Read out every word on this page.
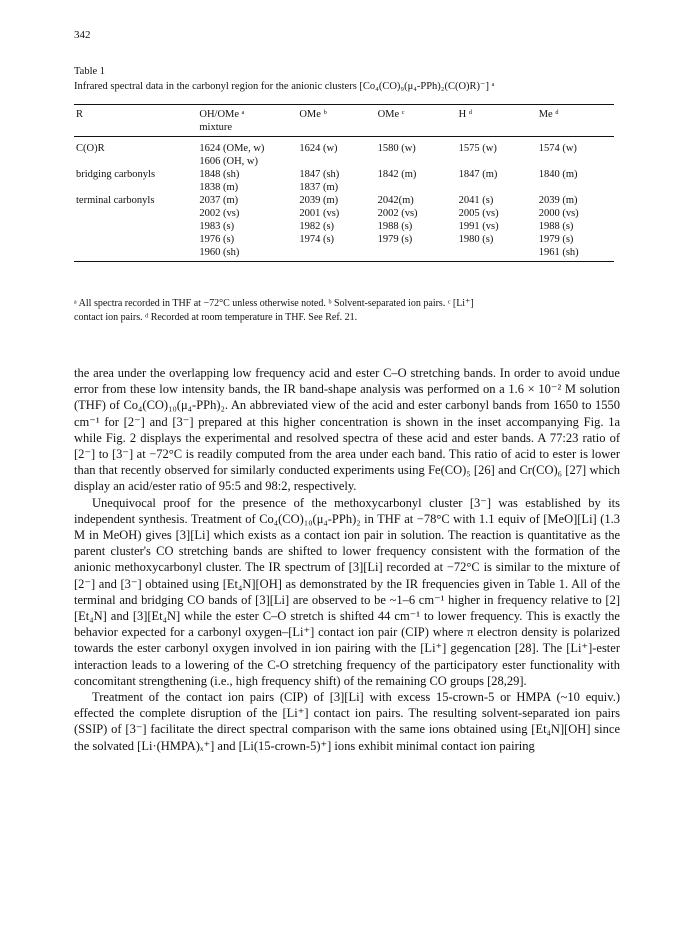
342
Table 1
Infrared spectral data in the carbonyl region for the anionic clusters [Co₄(CO)₉(μ₄-PPh)₂(C(O)R)⁻] ᵃ
R	OH/OMe ᵃ	OMe ᵇ	OMe ᶜ	H ᵈ	Me ᵈ
	mixture				
C(O)R	1624 (OMe, w)	1624 (w)	1580 (w)	1575 (w)	1574 (w)
	1606 (OH, w)				
bridging carbonyls	1848 (sh)	1847 (sh)	1842 (m)	1847 (m)	1840 (m)
	1838 (m)	1837 (m)			
terminal carbonyls	2037 (m)	2039 (m)	2042(m)	2041 (s)	2039 (m)
	2002 (vs)	2001 (vs)	2002 (vs)	2005 (vs)	2000 (vs)
	1983 (s)	1982 (s)	1988 (s)	1991 (vs)	1988 (s)
	1976 (s)	1974 (s)	1979 (s)	1980 (s)	1979 (s)
	1960 (sh)				1961 (sh)
ᵃ All spectra recorded in THF at −72°C unless otherwise noted. ᵇ Solvent-separated ion pairs. ᶜ [Li⁺]
contact ion pairs. ᵈ Recorded at room temperature in THF. See Ref. 21.

the area under the overlapping low frequency acid and ester C–O stretching bands. In order to avoid undue error from these low intensity bands, the IR band-shape analysis was performed on a 1.6 × 10⁻² M solution (THF) of Co₄(CO)₁₀(μ₄-PPh)₂. An abbreviated view of the acid and ester carbonyl bands from 1650 to 1550 cm⁻¹ for [2⁻] and [3⁻] prepared at this higher concentration is shown in the inset accompanying Fig. 1a while Fig. 2 displays the experimental and resolved spectra of these acid and ester bands. A 77:23 ratio of [2⁻] to [3⁻] at −72°C is readily computed from the area under each band. This ratio of acid to ester is lower than that recently observed for similarly conducted experiments using Fe(CO)₅ [26] and Cr(CO)₆ [27] which display an acid/ester ratio of 95:5 and 98:2, respectively.

Unequivocal proof for the presence of the methoxycarbonyl cluster [3⁻] was established by its independent synthesis. Treatment of Co₄(CO)₁₀(μ₄-PPh)₂ in THF at −78°C with 1.1 equiv of [MeO][Li] (1.3 M in MeOH) gives [3][Li] which exists as a contact ion pair in solution. The reaction is quantitative as the parent cluster's CO stretching bands are shifted to lower frequency consistent with the formation of the anionic methoxycarbonyl cluster. The IR spectrum of [3][Li] recorded at −72°C is similar to the mixture of [2⁻] and [3⁻] obtained using [Et₄N][OH] as demonstrated by the IR frequencies given in Table 1. All of the terminal and bridging CO bands of [3][Li] are observed to be ~1–6 cm⁻¹ higher in frequency relative to [2][Et₄N] and [3][Et₄N] while the ester C–O stretch is shifted 44 cm⁻¹ to lower frequency. This is exactly the behavior expected for a carbonyl oxygen–[Li⁺] contact ion pair (CIP) where π electron density is polarized towards the ester carbonyl oxygen involved in ion pairing with the [Li⁺] gegencation [28]. The [Li⁺]-ester interaction leads to a lowering of the C-O stretching frequency of the participatory ester functionality with concomitant strengthening (i.e., high frequency shift) of the remaining CO groups [28,29].

Treatment of the contact ion pairs (CIP) of [3][Li] with excess 15-crown-5 or HMPA (~10 equiv.) effected the complete disruption of the [Li⁺] contact ion pairs. The resulting solvent-separated ion pairs (SSIP) of [3⁻] facilitate the direct spectral comparison with the same ions obtained using [Et₄N][OH] since the solvated [Li·(HMPA)ₓ⁺] and [Li(15-crown-5)⁺] ions exhibit minimal contact ion pairing
